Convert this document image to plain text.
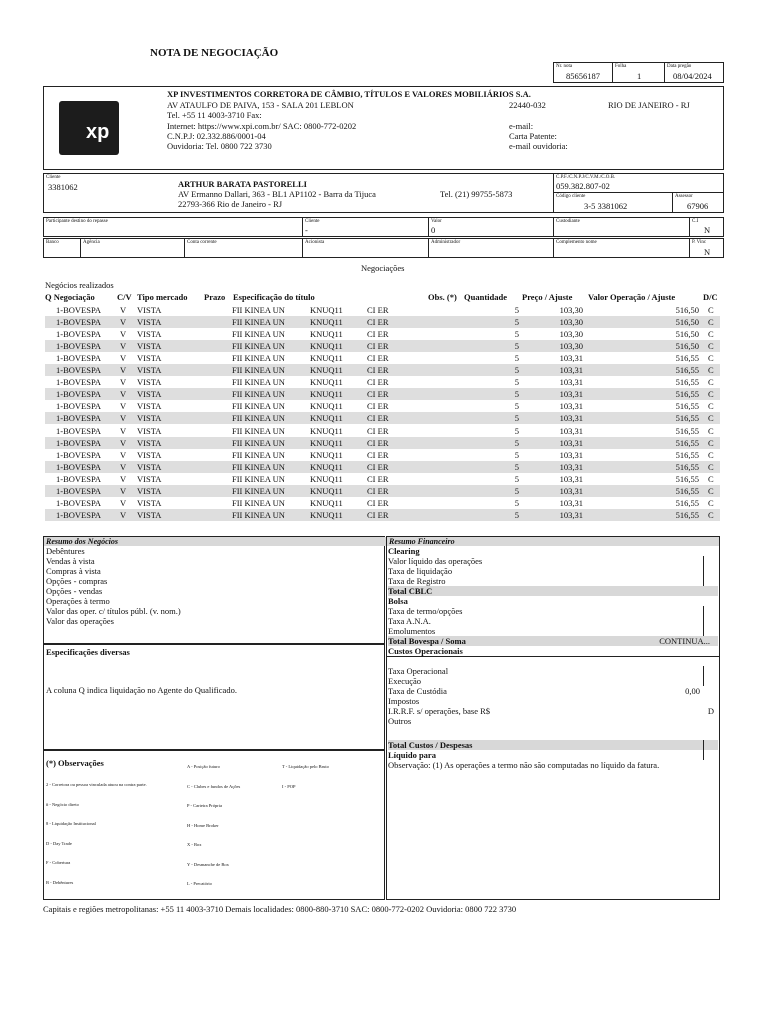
NOTA DE NEGOCIAÇÃO
Nr. nota
85656187
Folha
1
Data pregão
08/04/2024
xp
XP INVESTIMENTOS CORRETORA DE CÂMBIO, TÍTULOS E VALORES MOBILIÁRIOS S.A.
AV ATAULFO DE PAIVA, 153 - SALA 201 LEBLON	22440-032	RIO DE JANEIRO - RJ
Tel. +55 11 4003-3710 Fax:
Internet: https://www.xpi.com.br/ SAC: 0800-772-0202	e-mail:
C.N.P.J: 02.332.886/0001-04	Carta Patente:
Ouvidoria: Tel. 0800 722 3730	e-mail ouvidoria:
Cliente
3381062	ARTHUR BARATA PASTORELLI
AV Ermanno Dallari, 363 - BL1 AP1102 - Barra da Tijuca	Tel. (21) 99755-5873
22793-366 Rio de Janeiro - RJ
C.P.F./C.N.P.J/C.V.M./C.O.B.
059.382.807-02
Código cliente
3-5 3381062
Assessor
67906
Participante destino do repasse	Cliente
-
Valor
0
Custodiante	C.I
N
Banco	Agência	Conta corrente	Acionista	Administrador	Complemento nome	P. Vinc
N
Negociações
Negócios realizados
Q Negociação	C/V Tipo mercado Prazo Especificação do título	Obs. (*) Quantidade Preço / Ajuste Valor Operação / Ajuste	D/C
1-BOVESPA V VISTA	FII KINEA UN	KNUQ11	CI ER	5	103,30	516,50 C
1-BOVESPA V VISTA	FII KINEA UN	KNUQ11	CI ER	5	103,30	516,50 C
1-BOVESPA V VISTA	FII KINEA UN	KNUQ11	CI ER	5	103,30	516,50 C
1-BOVESPA V VISTA	FII KINEA UN	KNUQ11	CI ER	5	103,30	516,50 C
1-BOVESPA V VISTA	FII KINEA UN	KNUQ11	CI ER	5	103,31	516,55 C
1-BOVESPA V VISTA	FII KINEA UN	KNUQ11	CI ER	5	103,31	516,55 C
1-BOVESPA V VISTA	FII KINEA UN	KNUQ11	CI ER	5	103,31	516,55 C
1-BOVESPA V VISTA	FII KINEA UN	KNUQ11	CI ER	5	103,31	516,55 C
1-BOVESPA V VISTA	FII KINEA UN	KNUQ11	CI ER	5	103,31	516,55 C
1-BOVESPA V VISTA	FII KINEA UN	KNUQ11	CI ER	5	103,31	516,55 C
1-BOVESPA V VISTA	FII KINEA UN	KNUQ11	CI ER	5	103,31	516,55 C
1-BOVESPA V VISTA	FII KINEA UN	KNUQ11	CI ER	5	103,31	516,55 C
1-BOVESPA V VISTA	FII KINEA UN	KNUQ11	CI ER	5	103,31	516,55 C
1-BOVESPA V VISTA	FII KINEA UN	KNUQ11	CI ER	5	103,31	516,55 C
1-BOVESPA V VISTA	FII KINEA UN	KNUQ11	CI ER	5	103,31	516,55 C
1-BOVESPA V VISTA	FII KINEA UN	KNUQ11	CI ER	5	103,31	516,55 C
1-BOVESPA V VISTA	FII KINEA UN	KNUQ11	CI ER	5	103,31	516,55 C
1-BOVESPA V VISTA	FII KINEA UN	KNUQ11	CI ER	5	103,31	516,55 C
Resumo dos Negócios
Debêntures
Vendas à vista
Compras à vista
Opções - compras
Opções - vendas
Operações à termo
Valor das oper. c/ títulos públ. (v. nom.)
Valor das operações
Especificações diversas
A coluna Q indica liquidação no Agente do Qualificado.
(*) Observações
2 - Corretora ou pessoa vinculada atuou na contra parte.
# - Negócio direto
8 - Liquidação Institucional
D - Day Trade
F - Cobertura
B - Debêntures
A - Posição futuro
C - Clubes e fundos de Ações
P - Carteira Própria
H - Home Broker
X - Box
Y - Desmanche de Box
L - Precatório
T - Liquidação pelo Bruto
I - POP
Resumo Financeiro
Clearing
Valor líquido das operações
Taxa de liquidação
Taxa de Registro
Total CBLC
Bolsa
Taxa de termo/opções
Taxa A.N.A.
Emolumentos
Total Bovespa / Soma	CONTINUA...
Custos Operacionais
Taxa Operacional
Execução
Taxa de Custódia	0,00
Impostos
I.R.R.F. s/ operações, base R$	D
Outros
Total Custos / Despesas
Líquido para
Observação: (1) As operações a termo não são computadas no líquido da fatura.
Capitais e regiões metropolitanas: +55 11 4003-3710 Demais localidades: 0800-880-3710 SAC: 0800-772-0202 Ouvidoria: 0800 722 3730
